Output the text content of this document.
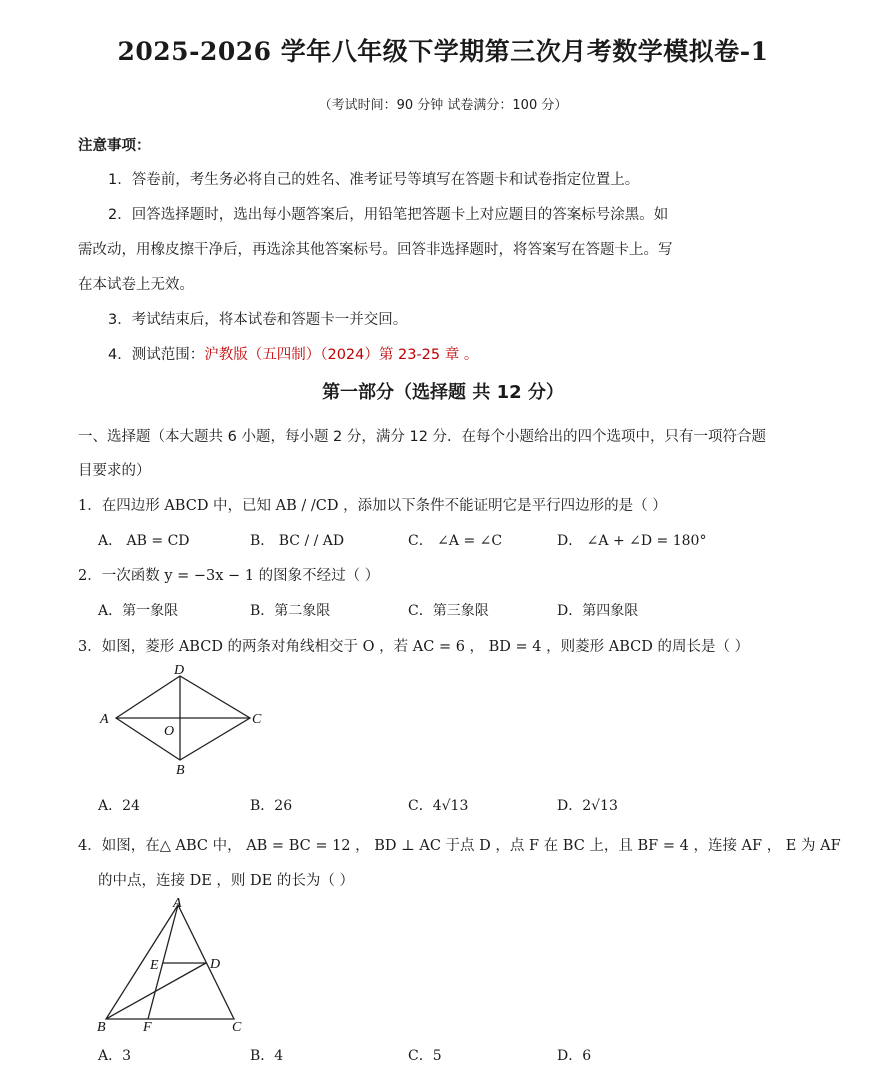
2025-2026 学年八年级下学期第三次月考数学模拟卷-1
（考试时间：90 分钟 试卷满分：100 分）
注意事项：
1．答卷前，考生务必将自己的姓名、准考证号等填写在答题卡和试卷指定位置上。
2．回答选择题时，选出每小题答案后，用铅笔把答题卡上对应题目的答案标号涂黑。如
需改动，用橡皮擦干净后，再选涂其他答案标号。回答非选择题时，将答案写在答题卡上。写
在本试卷上无效。
3．考试结束后，将本试卷和答题卡一并交回。
4．测试范围：沪教版（五四制）（2024）第 23-25 章 。
第一部分（选择题 共 12 分）
一、选择题（本大题共 6 小题，每小题 2 分，满分 12 分．在每个小题给出的四个选项中，只有一项符合题
目要求的）
1．在四边形 ABCD 中，已知 AB / /CD ，添加以下条件不能证明它是平行四边形的是（ ）
A． AB = CD	B． BC / / AD	C． ∠A = ∠C	D． ∠A + ∠D = 180°
2．一次函数 y = −3x − 1 的图象不经过（ ）
A．第一象限	B．第二象限	C．第三象限	D．第四象限
3．如图，菱形 ABCD 的两条对角线相交于 O ，若 AC = 6 ， BD = 4 ，则菱形 ABCD 的周长是（ ）
A	C
D
B
O
A．24	B．26	C．4√13	D．2√13
4．如图，在△ ABC 中， AB = BC = 12 ， BD ⊥ AC 于点 D ，点 F 在 BC 上，且 BF = 4 ，连接 AF ， E 为 AF
的中点，连接 DE ，则 DE 的长为（ ）
A
B	C
D
E
F
A．3	B．4	C．5	D．6
